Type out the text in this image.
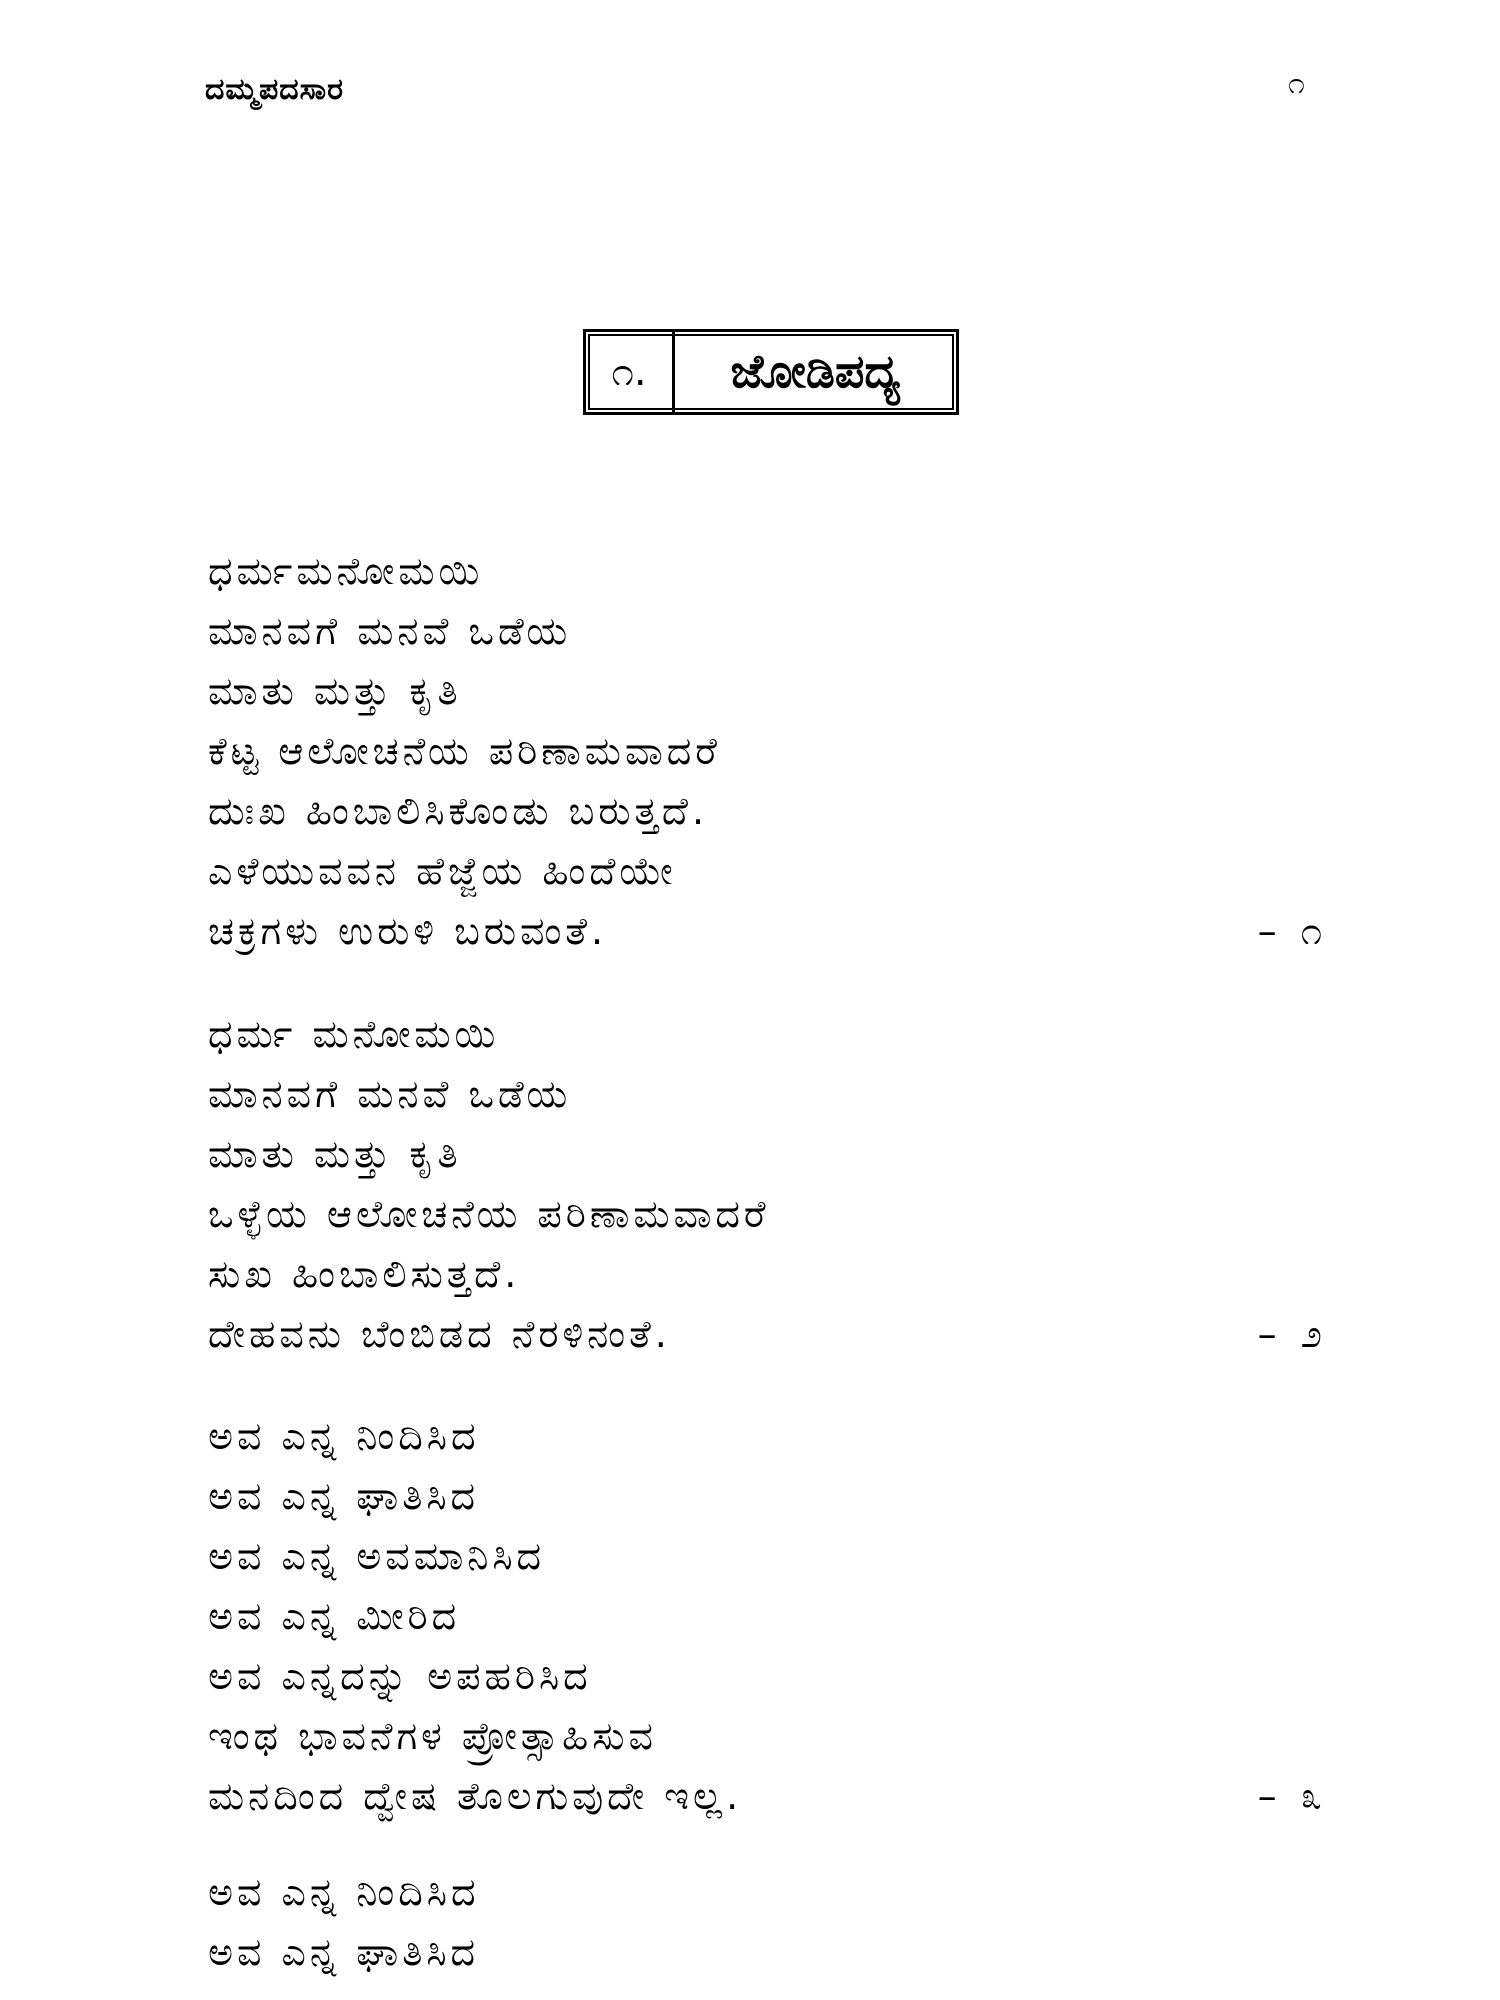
ದಮ್ಮಪದಸಾರ	೧
೧.	ಜೋಡಿಪದ್ಯ
ಧರ್ಮಮನೋಮಯಿ
ಮಾನವಗೆ ಮನವೆ ಒಡೆಯ
ಮಾತು ಮತ್ತು ಕೃತಿ
ಕೆಟ್ಟ ಆಲೋಚನೆಯ ಪರಿಣಾಮವಾದರೆ
ದುಃಖ ಹಿಂಬಾಲಿಸಿಕೊಂಡು ಬರುತ್ತದೆ.
ಎಳೆಯುವವನ ಹೆಜ್ಜೆಯ ಹಿಂದೆಯೇ
ಚಕ್ರಗಳು ಉರುಳಿ ಬರುವಂತೆ.	– ೧
ಧರ್ಮ ಮನೋಮಯಿ
ಮಾನವಗೆ ಮನವೆ ಒಡೆಯ
ಮಾತು ಮತ್ತು ಕೃತಿ
ಒಳ್ಳೆಯ ಆಲೋಚನೆಯ ಪರಿಣಾಮವಾದರೆ
ಸುಖ ಹಿಂಬಾಲಿಸುತ್ತದೆ.
ದೇಹವನು ಬೆಂಬಿಡದ ನೆರಳಿನಂತೆ.	– ೨
ಅವ ಎನ್ನ ನಿಂದಿಸಿದ
ಅವ ಎನ್ನ ಘಾತಿಸಿದ
ಅವ ಎನ್ನ ಅವಮಾನಿಸಿದ
ಅವ ಎನ್ನ ಮೀರಿದ
ಅವ ಎನ್ನದನ್ನು ಅಪಹರಿಸಿದ
ಇಂಥ ಭಾವನೆಗಳ ಪ್ರೋತ್ಸಾಹಿಸುವ
ಮನದಿಂದ ದ್ವೇಷ ತೊಲಗುವುದೇ ಇಲ್ಲ.	– ೩
ಅವ ಎನ್ನ ನಿಂದಿಸಿದ
ಅವ ಎನ್ನ ಘಾತಿಸಿದ
